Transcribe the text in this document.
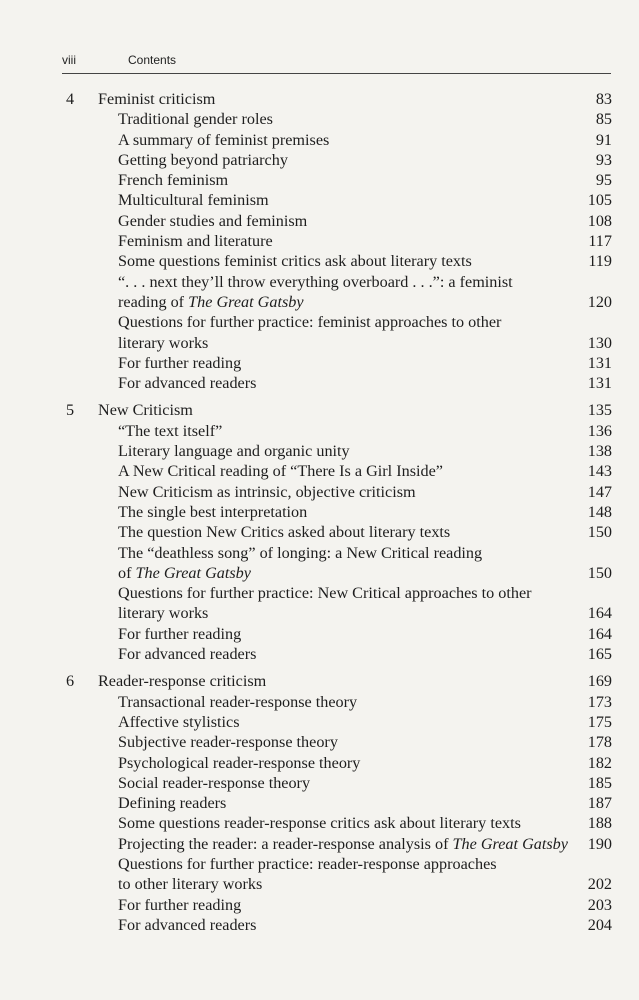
viii	Contents
4 Feminist criticism	83
Traditional gender roles	85
A summary of feminist premises	91
Getting beyond patriarchy	93
French feminism	95
Multicultural feminism	105
Gender studies and feminism	108
Feminism and literature	117
Some questions feminist critics ask about literary texts	119
“. . . next they’ll throw everything overboard . . .”: a feminist
reading of The Great Gatsby	120
Questions for further practice: feminist approaches to other
literary works	130
For further reading	131
For advanced readers	131
5 New Criticism	135
“The text itself”	136
Literary language and organic unity	138
A New Critical reading of “There Is a Girl Inside”	143
New Criticism as intrinsic, objective criticism	147
The single best interpretation	148
The question New Critics asked about literary texts	150
The “deathless song” of longing: a New Critical reading
of The Great Gatsby	150
Questions for further practice: New Critical approaches to other
literary works	164
For further reading	164
For advanced readers	165
6 Reader-response criticism	169
Transactional reader-response theory	173
Affective stylistics	175
Subjective reader-response theory	178
Psychological reader-response theory	182
Social reader-response theory	185
Defining readers	187
Some questions reader-response critics ask about literary texts	188
Projecting the reader: a reader-response analysis of The Great Gatsby 190
Questions for further practice: reader-response approaches
to other literary works	202
For further reading	203
For advanced readers	204
